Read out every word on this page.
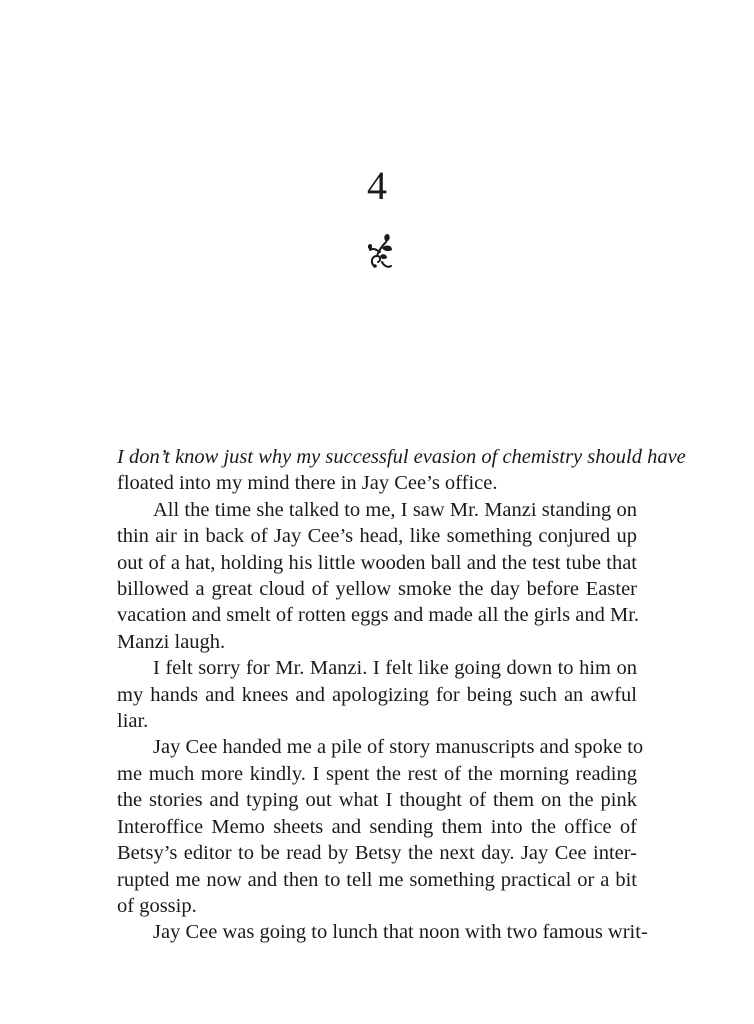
4
I don’t know just why my successful evasion of chemistry should have
floated into my mind there in Jay Cee’s office.
All the time she talked to me, I saw Mr. Manzi standing on
thin air in back of Jay Cee’s head, like something conjured up
out of a hat, holding his little wooden ball and the test tube that
billowed a great cloud of yellow smoke the day before Easter
vacation and smelt of rotten eggs and made all the girls and Mr.
Manzi laugh.
I felt sorry for Mr. Manzi. I felt like going down to him on
my hands and knees and apologizing for being such an awful
liar.
Jay Cee handed me a pile of story manuscripts and spoke to
me much more kindly. I spent the rest of the morning reading
the stories and typing out what I thought of them on the pink
Interoffice Memo sheets and sending them into the office of
Betsy’s editor to be read by Betsy the next day. Jay Cee inter-
rupted me now and then to tell me something practical or a bit
of gossip.
Jay Cee was going to lunch that noon with two famous writ-
